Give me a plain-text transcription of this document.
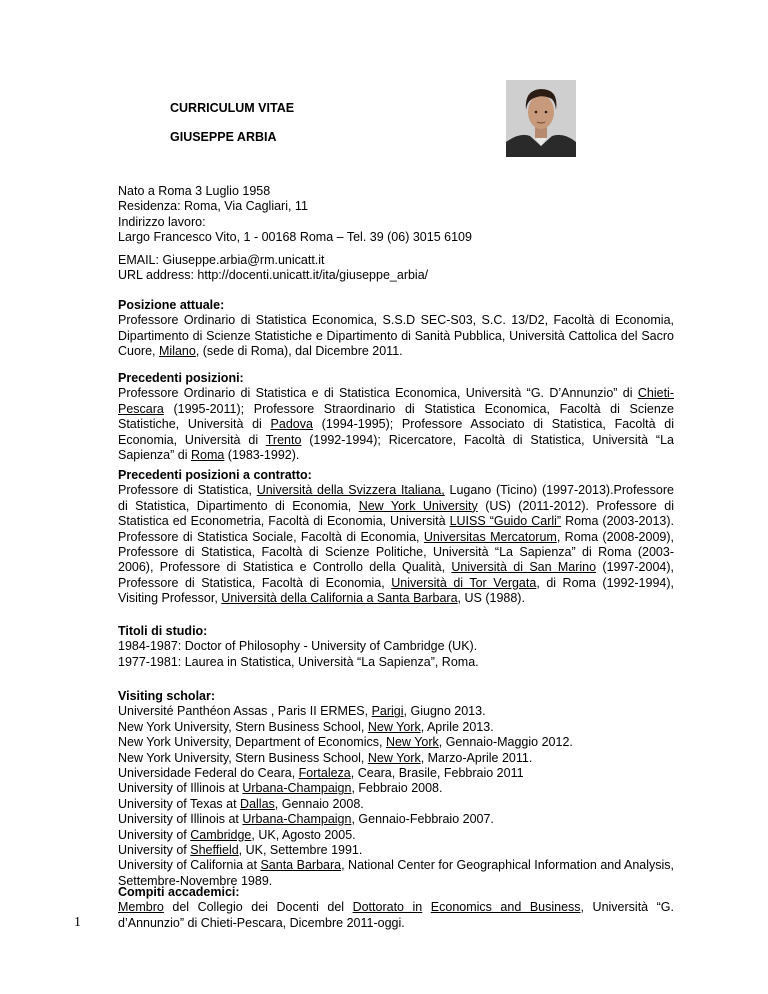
CURRICULUM VITAE
GIUSEPPE ARBIA

Nato a Roma 3 Luglio 1958

Residenza: Roma, Via Cagliari, 11

Indirizzo lavoro:

Largo Francesco Vito, 1 - 00168 Roma – Tel. 39 (06) 3015 6109

EMAIL: Giuseppe.arbia@rm.unicatt.it

URL address: http://docenti.unicatt.it/ita/giuseppe_arbia/

Posizione attuale:

Professore Ordinario di Statistica Economica, S.S.D SEC-S03, S.C. 13/D2, Facoltà di Economia, Dipartimento di Scienze Statistiche e Dipartimento di Sanità Pubblica, Università Cattolica del Sacro Cuore, Milano, (sede di Roma), dal Dicembre 2011.

Precedenti posizioni:

Professore Ordinario di Statistica e di Statistica Economica, Università “G. D’Annunzio” di Chieti-Pescara (1995-2011); Professore Straordinario di Statistica Economica, Facoltà di Scienze Statistiche, Università di Padova (1994-1995); Professore Associato di Statistica, Facoltà di Economia, Università di Trento (1992-1994); Ricercatore, Facoltà di Statistica, Università “La Sapienza” di Roma (1983-1992).

Precedenti posizioni a contratto:

Professore di Statistica, Università della Svizzera Italiana, Lugano (Ticino) (1997-2013).Professore di Statistica, Dipartimento di Economia, New York University (US) (2011-2012). Professore di Statistica ed Econometria, Facoltà di Economia, Università LUISS “Guido Carli” Roma (2003-2013). Professore di Statistica Sociale, Facoltà di Economia, Universitas Mercatorum, Roma (2008-2009), Professore di Statistica, Facoltà di Scienze Politiche, Università “La Sapienza” di Roma (2003-2006), Professore di Statistica e Controllo della Qualità, Università di San Marino (1997-2004), Professore di Statistica, Facoltà di Economia, Università di Tor Vergata, di Roma (1992-1994), Visiting Professor, Università della California a Santa Barbara, US (1988).

Titoli di studio:

1984-1987: Doctor of Philosophy - University of Cambridge (UK).

1977-1981: Laurea in Statistica, Università “La Sapienza”, Roma.

Visiting scholar:

Université Panthéon Assas , Paris II ERMES, Parigi, Giugno 2013.

New York University, Stern Business School, New York, Aprile 2013.

New York University, Department of Economics, New York, Gennaio-Maggio 2012.

New York University, Stern Business School, New York, Marzo-Aprile 2011.

Universidade Federal do Ceara, Fortaleza, Ceara, Brasile, Febbraio 2011

University of Illinois at Urbana-Champaign, Febbraio 2008.

University of Texas at Dallas, Gennaio 2008.

University of Illinois at Urbana-Champaign, Gennaio-Febbraio 2007.

University of Cambridge, UK, Agosto 2005.

University of Sheffield, UK, Settembre 1991.

University of California at Santa Barbara, National Center for Geographical Information and Analysis, Settembre-Novembre 1989.

Compiti accademici:

Membro del Collegio dei Docenti del Dottorato in Economics and Business, Università “G. d’Annunzio” di Chieti-Pescara, Dicembre 2011-oggi.

1
